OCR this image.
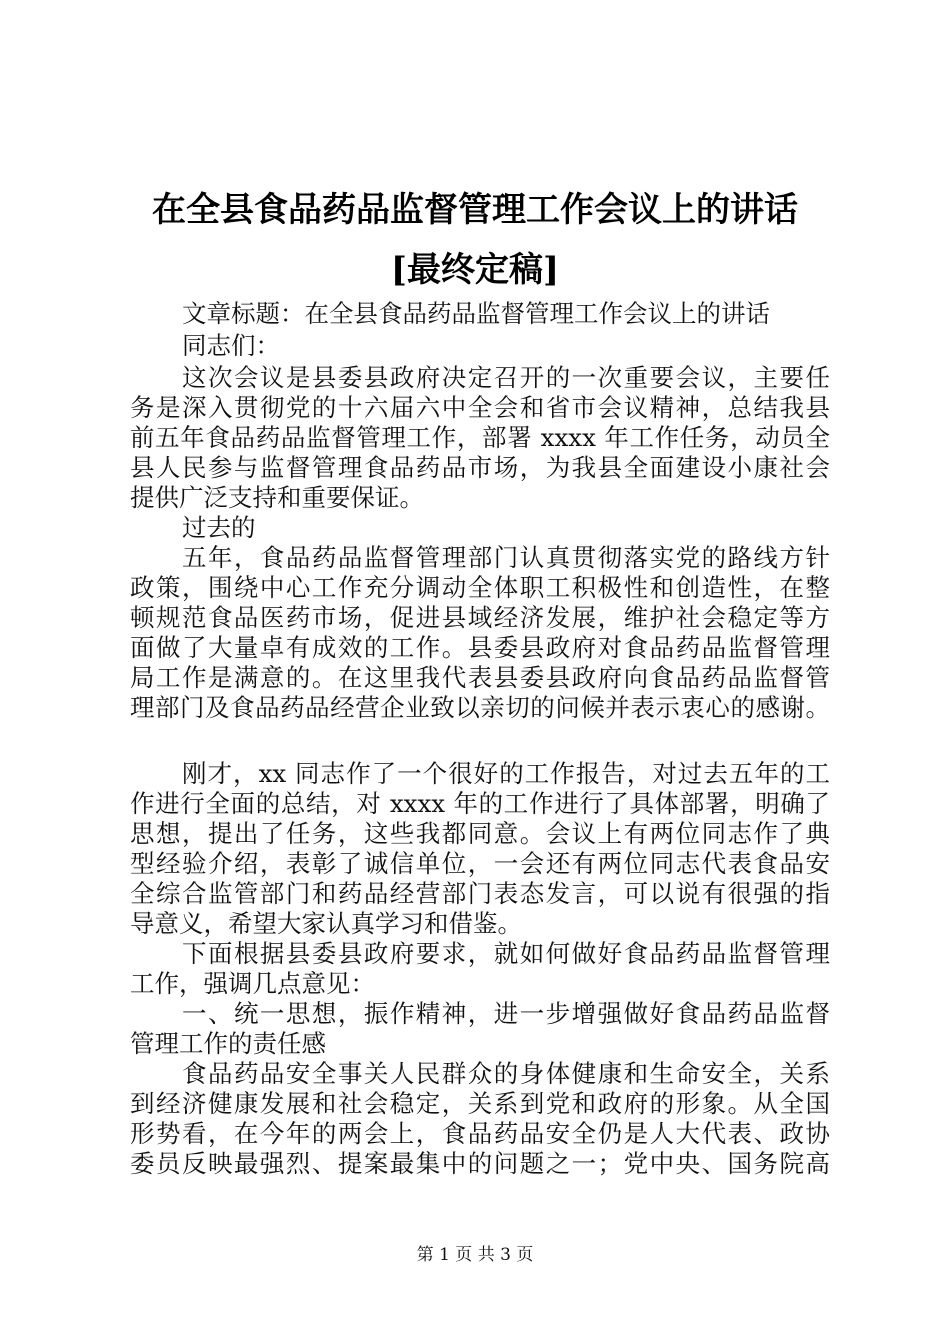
在全县食品药品监督管理工作会议上的讲话
[最终定稿]
文章标题：在全县食品药品监督管理工作会议上的讲话
同志们：
这次会议是县委县政府决定召开的一次重要会议，主要任
务是深入贯彻党的十六届六中全会和省市会议精神，总结我县
前五年食品药品监督管理工作，部署 xxxx 年工作任务，动员全
县人民参与监督管理食品药品市场，为我县全面建设小康社会
提供广泛支持和重要保证。
过去的
五年，食品药品监督管理部门认真贯彻落实党的路线方针
政策，围绕中心工作充分调动全体职工积极性和创造性，在整
顿规范食品医药市场，促进县域经济发展，维护社会稳定等方
面做了大量卓有成效的工作。县委县政府对食品药品监督管理
局工作是满意的。在这里我代表县委县政府向食品药品监督管
理部门及食品药品经营企业致以亲切的问候并表示衷心的感谢。
刚才，xx 同志作了一个很好的工作报告，对过去五年的工
作进行全面的总结，对 xxxx 年的工作进行了具体部署，明确了
思想，提出了任务，这些我都同意。会议上有两位同志作了典
型经验介绍，表彰了诚信单位，一会还有两位同志代表食品安
全综合监管部门和药品经营部门表态发言，可以说有很强的指
导意义，希望大家认真学习和借鉴。
下面根据县委县政府要求，就如何做好食品药品监督管理
工作，强调几点意见：
一、统一思想，振作精神，进一步增强做好食品药品监督
管理工作的责任感
食品药品安全事关人民群众的身体健康和生命安全，关系
到经济健康发展和社会稳定，关系到党和政府的形象。从全国
形势看，在今年的两会上，食品药品安全仍是人大代表、政协
委员反映最强烈、提案最集中的问题之一；党中央、国务院高
第 1 页 共 3 页
